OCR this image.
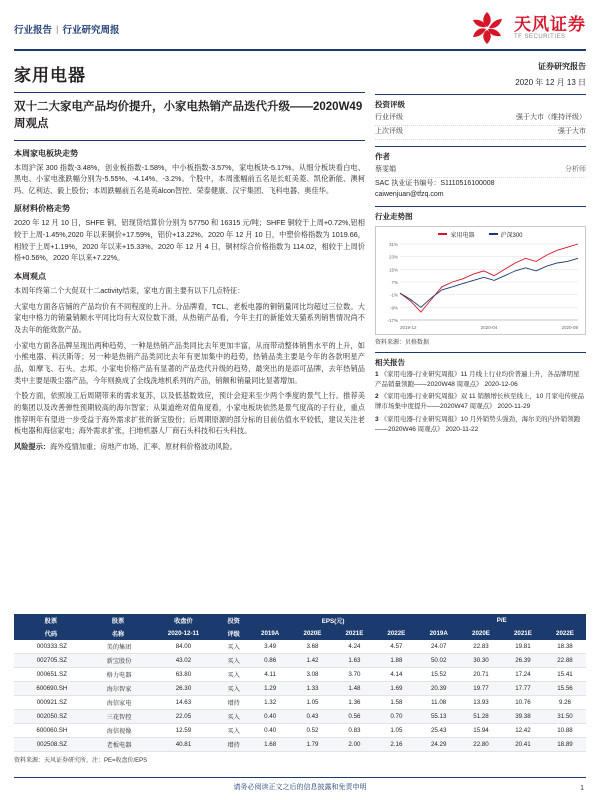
行业报告 | 行业研究周报	天风证券
TF SECURITIES
家用电器
双十二大家电产品均价提升，小家电热销产品迭代升级——2020W49 周观点
本周家电板块走势

本周沪深 300 指数-3.48%，创业板指数-1.58%，中小板指数-3.57%，家电板块-5.17%。从细分板块看白电、黑电、小家电涨跌幅分别为-5.55%、-4.14%、-3.2%。个股中，本周涨幅前五名是长虹美菱、凯伦新能、澳柯玛、亿利达、毅上股份；本周跌幅前五名是英álcon智控、荣泰健康、汉宇集团、飞科电器、奥佳华。

原材料价格走势

2020 年 12 月 10 日，SHFE 铜、铝现货结算价分别为 57750 和 16315 元/吨；SHFE 铜较于上周+0.72%,铝相较于上周-1.45%,2020 年以来铜价+17.59%，铝价+13.22%。2020 年 12 月 10 日，中塑价格指数为 1019.66，相较于上周+1.19%，2020 年以来+15.33%。2020 年 12 月 4 日，铜材综合价格指数为 114.02，相较于上周价格+0.56%，2020 年以来+7.22%。

本周观点

本周年终第二个大促双十二activity结束，家电方面主要有以下几点特征：

大家电方面各店铺的产品均价有不同程度的上升。分品牌看，TCL、老板电器的铜销量同比均超过三位数。大家电中格力的销量销额水平同比均有大双位数下滑，从热销产品看，今年主打的新能效天猫系列销售情况尚不及去年的能效款产品。

小家电方面各品牌呈现出两种趋势，一种是热销产品类同比去年更加丰富，从而带动整体销售水平的上升，如小熊电器、科沃斯等；另一种是热销产品类同比去年有更加集中的趋势，热销品类主要是今年的各款明星产品，如摩飞、石头、志邦。小家电价格产品有显著的产品迭代升级的趋势，最突出的是添可品牌，去年热销品类中主要是吸尘器产品，今年则换成了全线洗地机系列的产品，销额和销量同比显著增加。

个股方面，依照竣工后周期带来的需求复苏，以及低基数效应，预计会迎来至少两个季度的景气上行。推荐美的集团以及改善弹性预期较高的海尔智家；从渠道绝对值角度看，小家电板块依然是景气度高的子行业，重点推荐明年有望进一步受益于海外需求扩张的新宝股份；后周期原源的部分标的目前估值水平较低，建议关注老板电器和海信家电；海外需求扩张，扫地机器人厂商石头科技和石头科技。

风险提示：海外疫情加重；房地产市场、汇率、原材料价格波动风险。

证券研究报告
2020 年 12 月 13 日
投资评级
行业评级	强于大市（维持评级）
上次评级	强于大市
作者
蔡雯娟	分析师
SAC 执业证书编号：S1110516100008
caiwenjuan@tfzq.com
行业走势图
家用电器	沪深300
31%
23%
15%
7%
-1%
-9%
-17%
2019-12	2020-04	2020-08
资料来源：贝格数据
相关报告
1 《家用电器-行业研究周报》11 月线上行业均价普遍上升，各品牌明星产品销量领跑——2020W48 周观点》 2020-12-06
2 《家用电器-行业研究周报》双 11 销额增长核至线上，10 月家电传统品牌市场集中度提升——2020W47 周观点》 2020-11-29
3 《家用电器-行业研究周报》10 月外销势头强劲，海尔美的内外销领跑——2020W46 周观点》 2020-11-22
股票	股票	收盘价	投资	EPS(元)				P/E			
代码	名称	2020-12-11	评级	2019A	2020E	2021E	2022E	2019A	2020E	2021E	2022E
000333.SZ	美的集团	84.00	买入	3.49	3.68	4.24	4.57	24.07	22.83	19.81	18.38
002705.SZ	新宝股份	43.02	买入	0.86	1.42	1.63	1.88	50.02	30.30	26.39	22.88
000651.SZ	格力电器	63.80	买入	4.11	3.08	3.70	4.14	15.52	20.71	17.24	15.41
600690.SH	海尔智家	26.30	买入	1.29	1.33	1.48	1.69	20.39	19.77	17.77	15.56
000921.SZ	海信家电	14.63	增持	1.32	1.05	1.36	1.58	11.08	13.93	10.76	9.26
002050.SZ	三花智控	22.05	买入	0.40	0.43	0.56	0.70	55.13	51.28	39.38	31.50
600060.SH	海信视像	12.59	买入	0.40	0.52	0.83	1.05	25.43	15.94	12.42	10.88
002508.SZ	老板电器	40.81	增持	1.68	1.79	2.00	2.16	24.29	22.80	20.41	18.89
资料来源：天风证券研究所，注：PE=收盘价/EPS
请务必阅读正文之后的信息披露和免责申明	1
